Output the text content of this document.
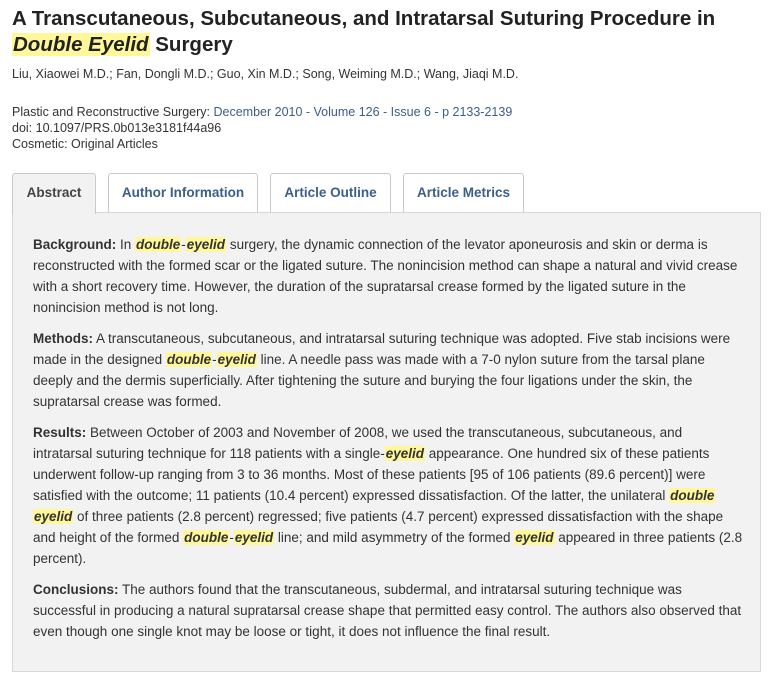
A Transcutaneous, Subcutaneous, and Intratarsal Suturing Procedure in Double Eyelid Surgery
Liu, Xiaowei M.D.; Fan, Dongli M.D.; Guo, Xin M.D.; Song, Weiming M.D.; Wang, Jiaqi M.D.
Plastic and Reconstructive Surgery: December 2010 - Volume 126 - Issue 6 - p 2133-2139
doi: 10.1097/PRS.0b013e3181f44a96
Cosmetic: Original Articles
Abstract	Author Information	Article Outline	Article Metrics

Background: In double-eyelid surgery, the dynamic connection of the levator aponeurosis and skin or derma is reconstructed with the formed scar or the ligated suture. The nonincision method can shape a natural and vivid crease with a short recovery time. However, the duration of the supratarsal crease formed by the ligated suture in the nonincision method is not long.

Methods: A transcutaneous, subcutaneous, and intratarsal suturing technique was adopted. Five stab incisions were made in the designed double-eyelid line. A needle pass was made with a 7-0 nylon suture from the tarsal plane deeply and the dermis superficially. After tightening the suture and burying the four ligations under the skin, the supratarsal crease was formed.

Results: Between October of 2003 and November of 2008, we used the transcutaneous, subcutaneous, and intratarsal suturing technique for 118 patients with a single-eyelid appearance. One hundred six of these patients underwent follow-up ranging from 3 to 36 months. Most of these patients [95 of 106 patients (89.6 percent)] were satisfied with the outcome; 11 patients (10.4 percent) expressed dissatisfaction. Of the latter, the unilateral double eyelid of three patients (2.8 percent) regressed; five patients (4.7 percent) expressed dissatisfaction with the shape and height of the formed double-eyelid line; and mild asymmetry of the formed eyelid appeared in three patients (2.8 percent).

Conclusions: The authors found that the transcutaneous, subdermal, and intratarsal suturing technique was successful in producing a natural supratarsal crease shape that permitted easy control. The authors also observed that even though one single knot may be loose or tight, it does not influence the final result.
